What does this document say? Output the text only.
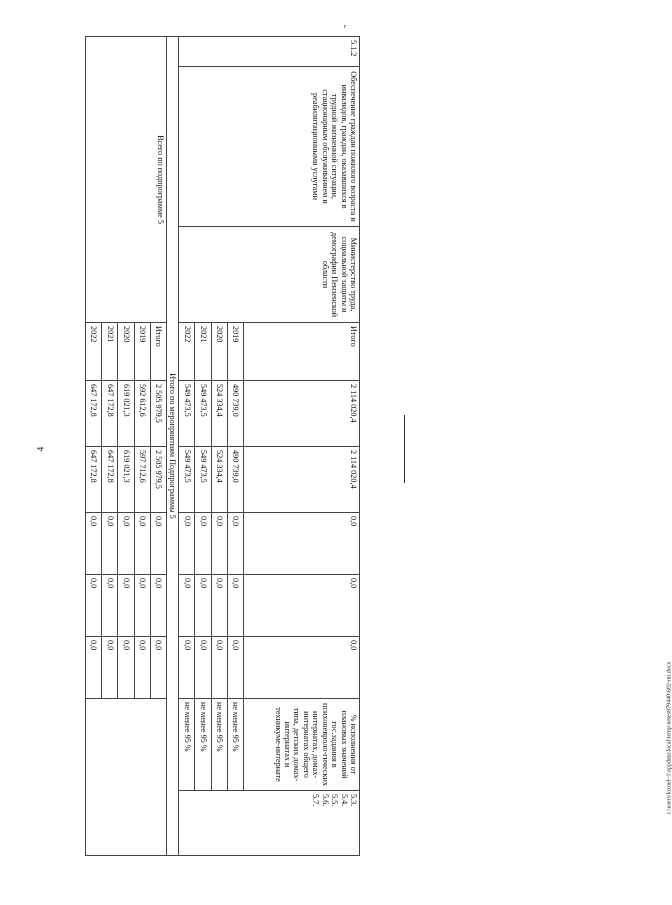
4
г
c:\users\lozoel~1\appdata\local\temp\notes879440\602-пп.docx
5.1.2	Обеспечение граждан пожилого возраста и инвалидов, граждан, оказавшихся в трудной жизненной ситуации, стационарным обслуживанием и реабилитационными услугами	Министерство труда, социальной защиты и демографии Пензенской области	Итого	2 114 020,4	2 114 020,4	0,0	0,0	0,0	% исполнения от плановых значений гос.задания в психоневроло-гических интернатах, домах-интернатах общего типа, детских домах-интернатах и техникуме-интернате	5.3.
5.4.
5.5.
5.6.
5.7.
			2019	490 739,0	490 739,0	0,0	0,0	0,0	не менее 95 %	
			2020	524 334,4	524 334,4	0,0	0,0	0,0	не менее 95 %	
			2021	549 473,5	549 473,5	0,0	0,0	0,0	не менее 95 %	
			2022	549 473,5	549 473,5	0,0	0,0	0,0	не менее 95 %	
Итого по мероприятиям Подпрограммы 5										
Всего по подпрограмме 5			Итого	2 505 979,5	2 505 979,5	0,0	0,0	0,0		
			2019	592 612,6	597 712,6	0,0	0,0	0,0		
			2020	619 021,3	619 021,3	0,0	0,0	0,0		
			2021	647 172,8	647 172,8	0,0	0,0	0,0		
			2022	647 172,8	647 172,8	0,0	0,0	0,0		
